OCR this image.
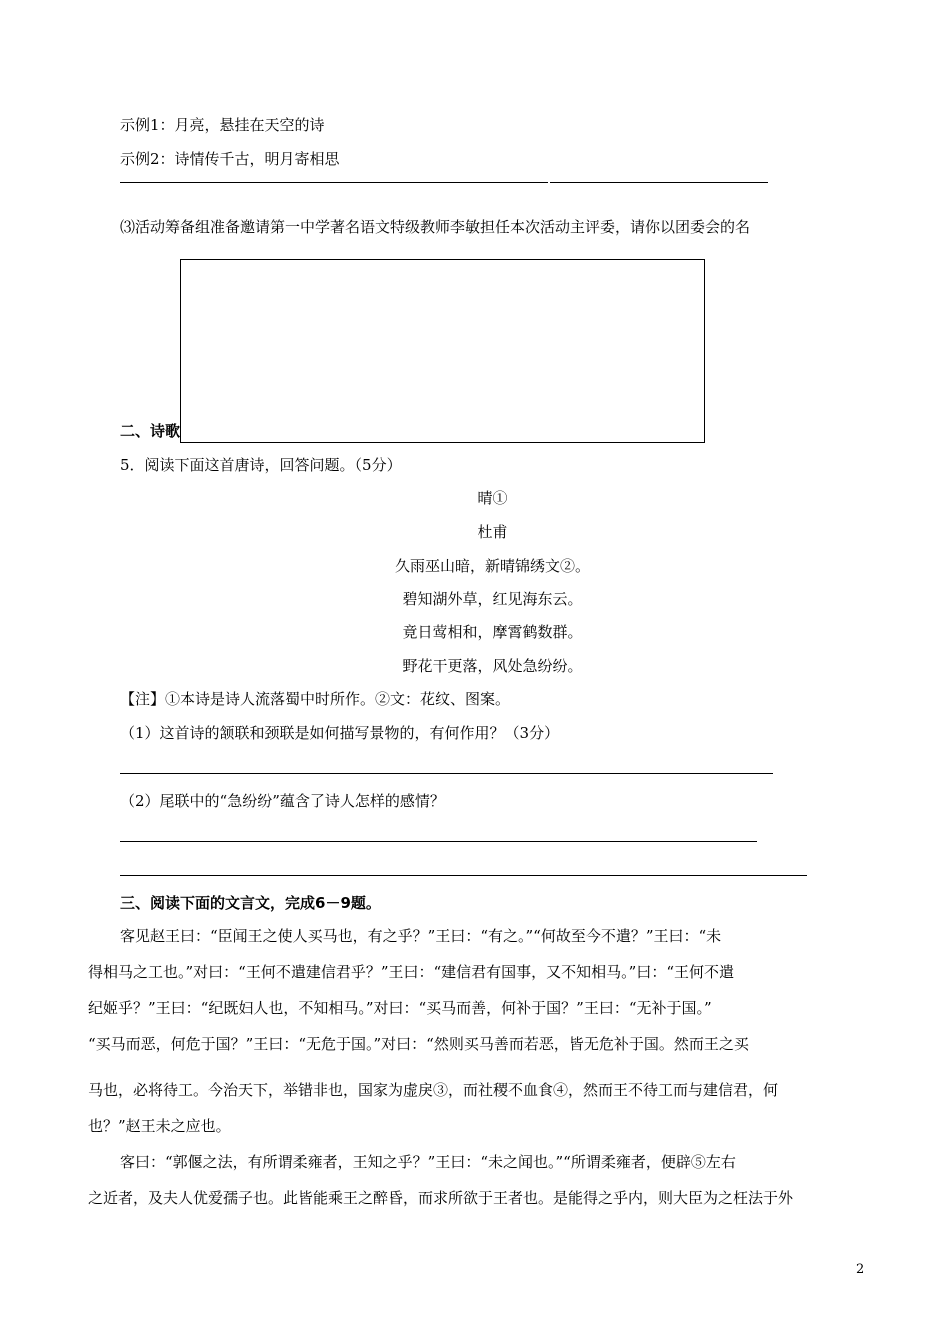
示例1：月亮，悬挂在天空的诗
示例2：诗情传千古，明月寄相思
⑶活动筹备组准备邀请第一中学著名语文特级教师李敏担任本次活动主评委，请你以团委会的名
二、诗歌
5．阅读下面这首唐诗，回答问题。（5分）
晴①
杜甫
久雨巫山暗，新晴锦绣文②。
碧知湖外草，红见海东云。
竟日莺相和，摩霄鹤数群。
野花干更落，风处急纷纷。
【注】①本诗是诗人流落蜀中时所作。②文：花纹、图案。
（1）这首诗的颔联和颈联是如何描写景物的，有何作用？（3分）
（2）尾联中的“急纷纷”蕴含了诗人怎样的感情？
三、阅读下面的文言文，完成6－9题。
客见赵王曰：“臣闻王之使人买马也，有之乎？”王曰：“有之。”“何故至今不遣？”王曰：“未
得相马之工也。”对曰：“王何不遣建信君乎？”王曰：“建信君有国事，又不知相马。”曰：“王何不遣
纪姬乎？”王曰：“纪既妇人也，不知相马。”对曰：“买马而善，何补于国？”王曰：“无补于国。”
“买马而恶，何危于国？”王曰：“无危于国。”对曰：“然则买马善而若恶，皆无危补于国。然而王之买
马也，必将待工。今治天下，举错非也，国家为虚戾③，而社稷不血食④，然而王不待工而与建信君，何
也？”赵王未之应也。
客曰：“郭偃之法，有所谓柔雍者，王知之乎？”王曰：“未之闻也。”“所谓柔雍者，便辟⑤左右
之近者，及夫人优爱孺子也。此皆能乘王之醉昏，而求所欲于王者也。是能得之乎内，则大臣为之枉法于外
2
